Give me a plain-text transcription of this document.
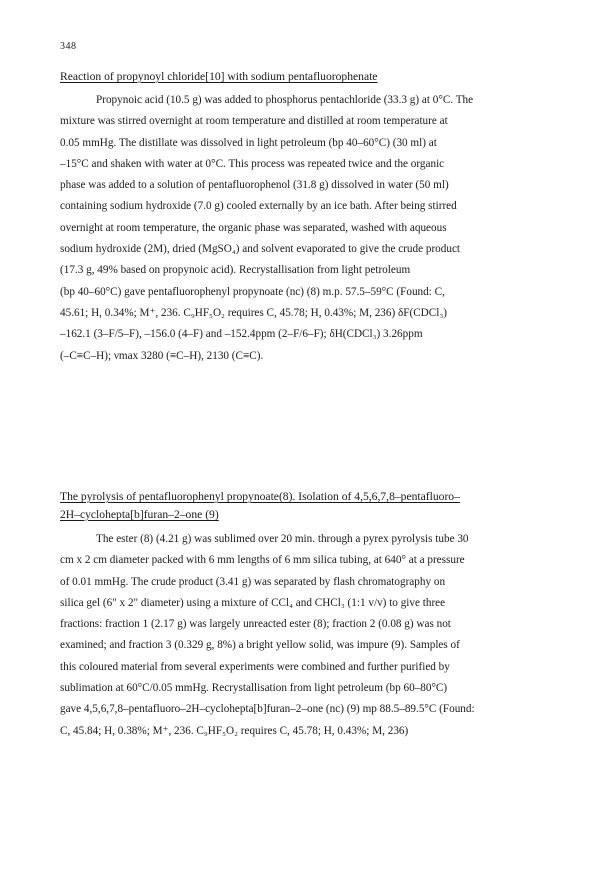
348

Reaction of propynoyl chloride[10] with sodium pentafluorophenate

Propynoic acid (10.5 g) was added to phosphorus pentachloride (33.3 g) at 0°C. The
mixture was stirred overnight at room temperature and distilled at room temperature at
0.05 mmHg. The distillate was dissolved in light petroleum (bp 40–60°C) (30 ml) at
–15°C and shaken with water at 0°C. This process was repeated twice and the organic
phase was added to a solution of pentafluorophenol (31.8 g) dissolved in water (50 ml)
containing sodium hydroxide (7.0 g) cooled externally by an ice bath. After being stirred
overnight at room temperature, the organic phase was separated, washed with aqueous
sodium hydroxide (2M), dried (MgSO₄) and solvent evaporated to give the crude product
(17.3 g, 49% based on propynoic acid). Recrystallisation from light petroleum
(bp 40–60°C) gave pentafluorophenyl propynoate (nc) (8) m.p. 57.5–59°C (Found: C,
45.61; H, 0.34%; M⁺, 236. C₉HF₅O₂ requires C, 45.78; H, 0.43%; M, 236) δF(CDCl₃)
–162.1 (3–F/5–F), –156.0 (4–F) and –152.4ppm (2–F/6–F); δH(CDCl₃) 3.26ppm
(–C≡C–H); νmax 3280 (≡C–H), 2130 (C≡C).

The pyrolysis of pentafluorophenyl propynoate(8). Isolation of 4,5,6,7,8–pentafluoro–
2H–cyclohepta[b]furan–2–one (9)

The ester (8) (4.21 g) was sublimed over 20 min. through a pyrex pyrolysis tube 30
cm x 2 cm diameter packed with 6 mm lengths of 6 mm silica tubing, at 640° at a pressure
of 0.01 mmHg. The crude product (3.41 g) was separated by flash chromatography on
silica gel (6" x 2" diameter) using a mixture of CCl₄ and CHCl₃ (1:1 v/v) to give three
fractions: fraction 1 (2.17 g) was largely unreacted ester (8); fraction 2 (0.08 g) was not
examined; and fraction 3 (0.329 g, 8%) a bright yellow solid, was impure (9). Samples of
this coloured material from several experiments were combined and further purified by
sublimation at 60°C/0.05 mmHg. Recrystallisation from light petroleum (bp 60–80°C)
gave 4,5,6,7,8–pentafluoro–2H–cyclohepta[b]furan–2–one (nc) (9) mp 88.5–89.5°C (Found:
C, 45.84; H, 0.38%; M⁺, 236. C₉HF₅O₂ requires C, 45.78; H, 0.43%; M, 236)
